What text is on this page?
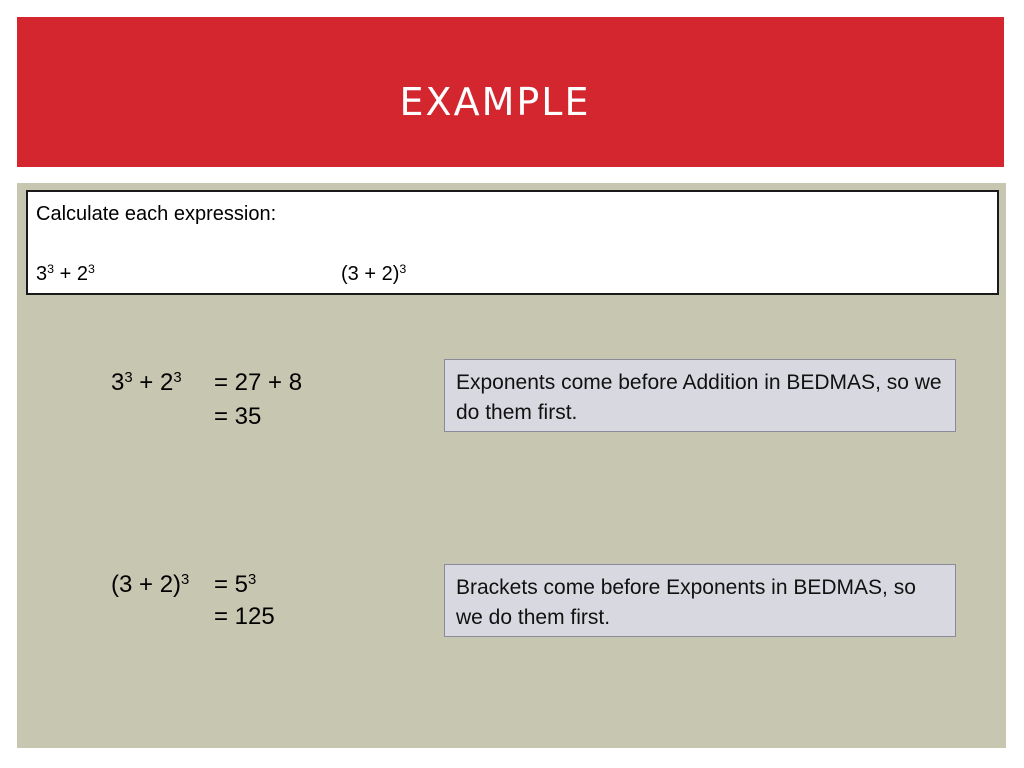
EXAMPLE
Calculate each expression:
$3^3 + 2^3$	$(3 + 2)^3$
$3^3 + 2^3 = 27 + 8$
= 35
Exponents come before Addition in BEDMAS, so we do them first.
$(3 + 2)^3 = 5^3$
= 125
Brackets come before Exponents in BEDMAS, so we do them first.
